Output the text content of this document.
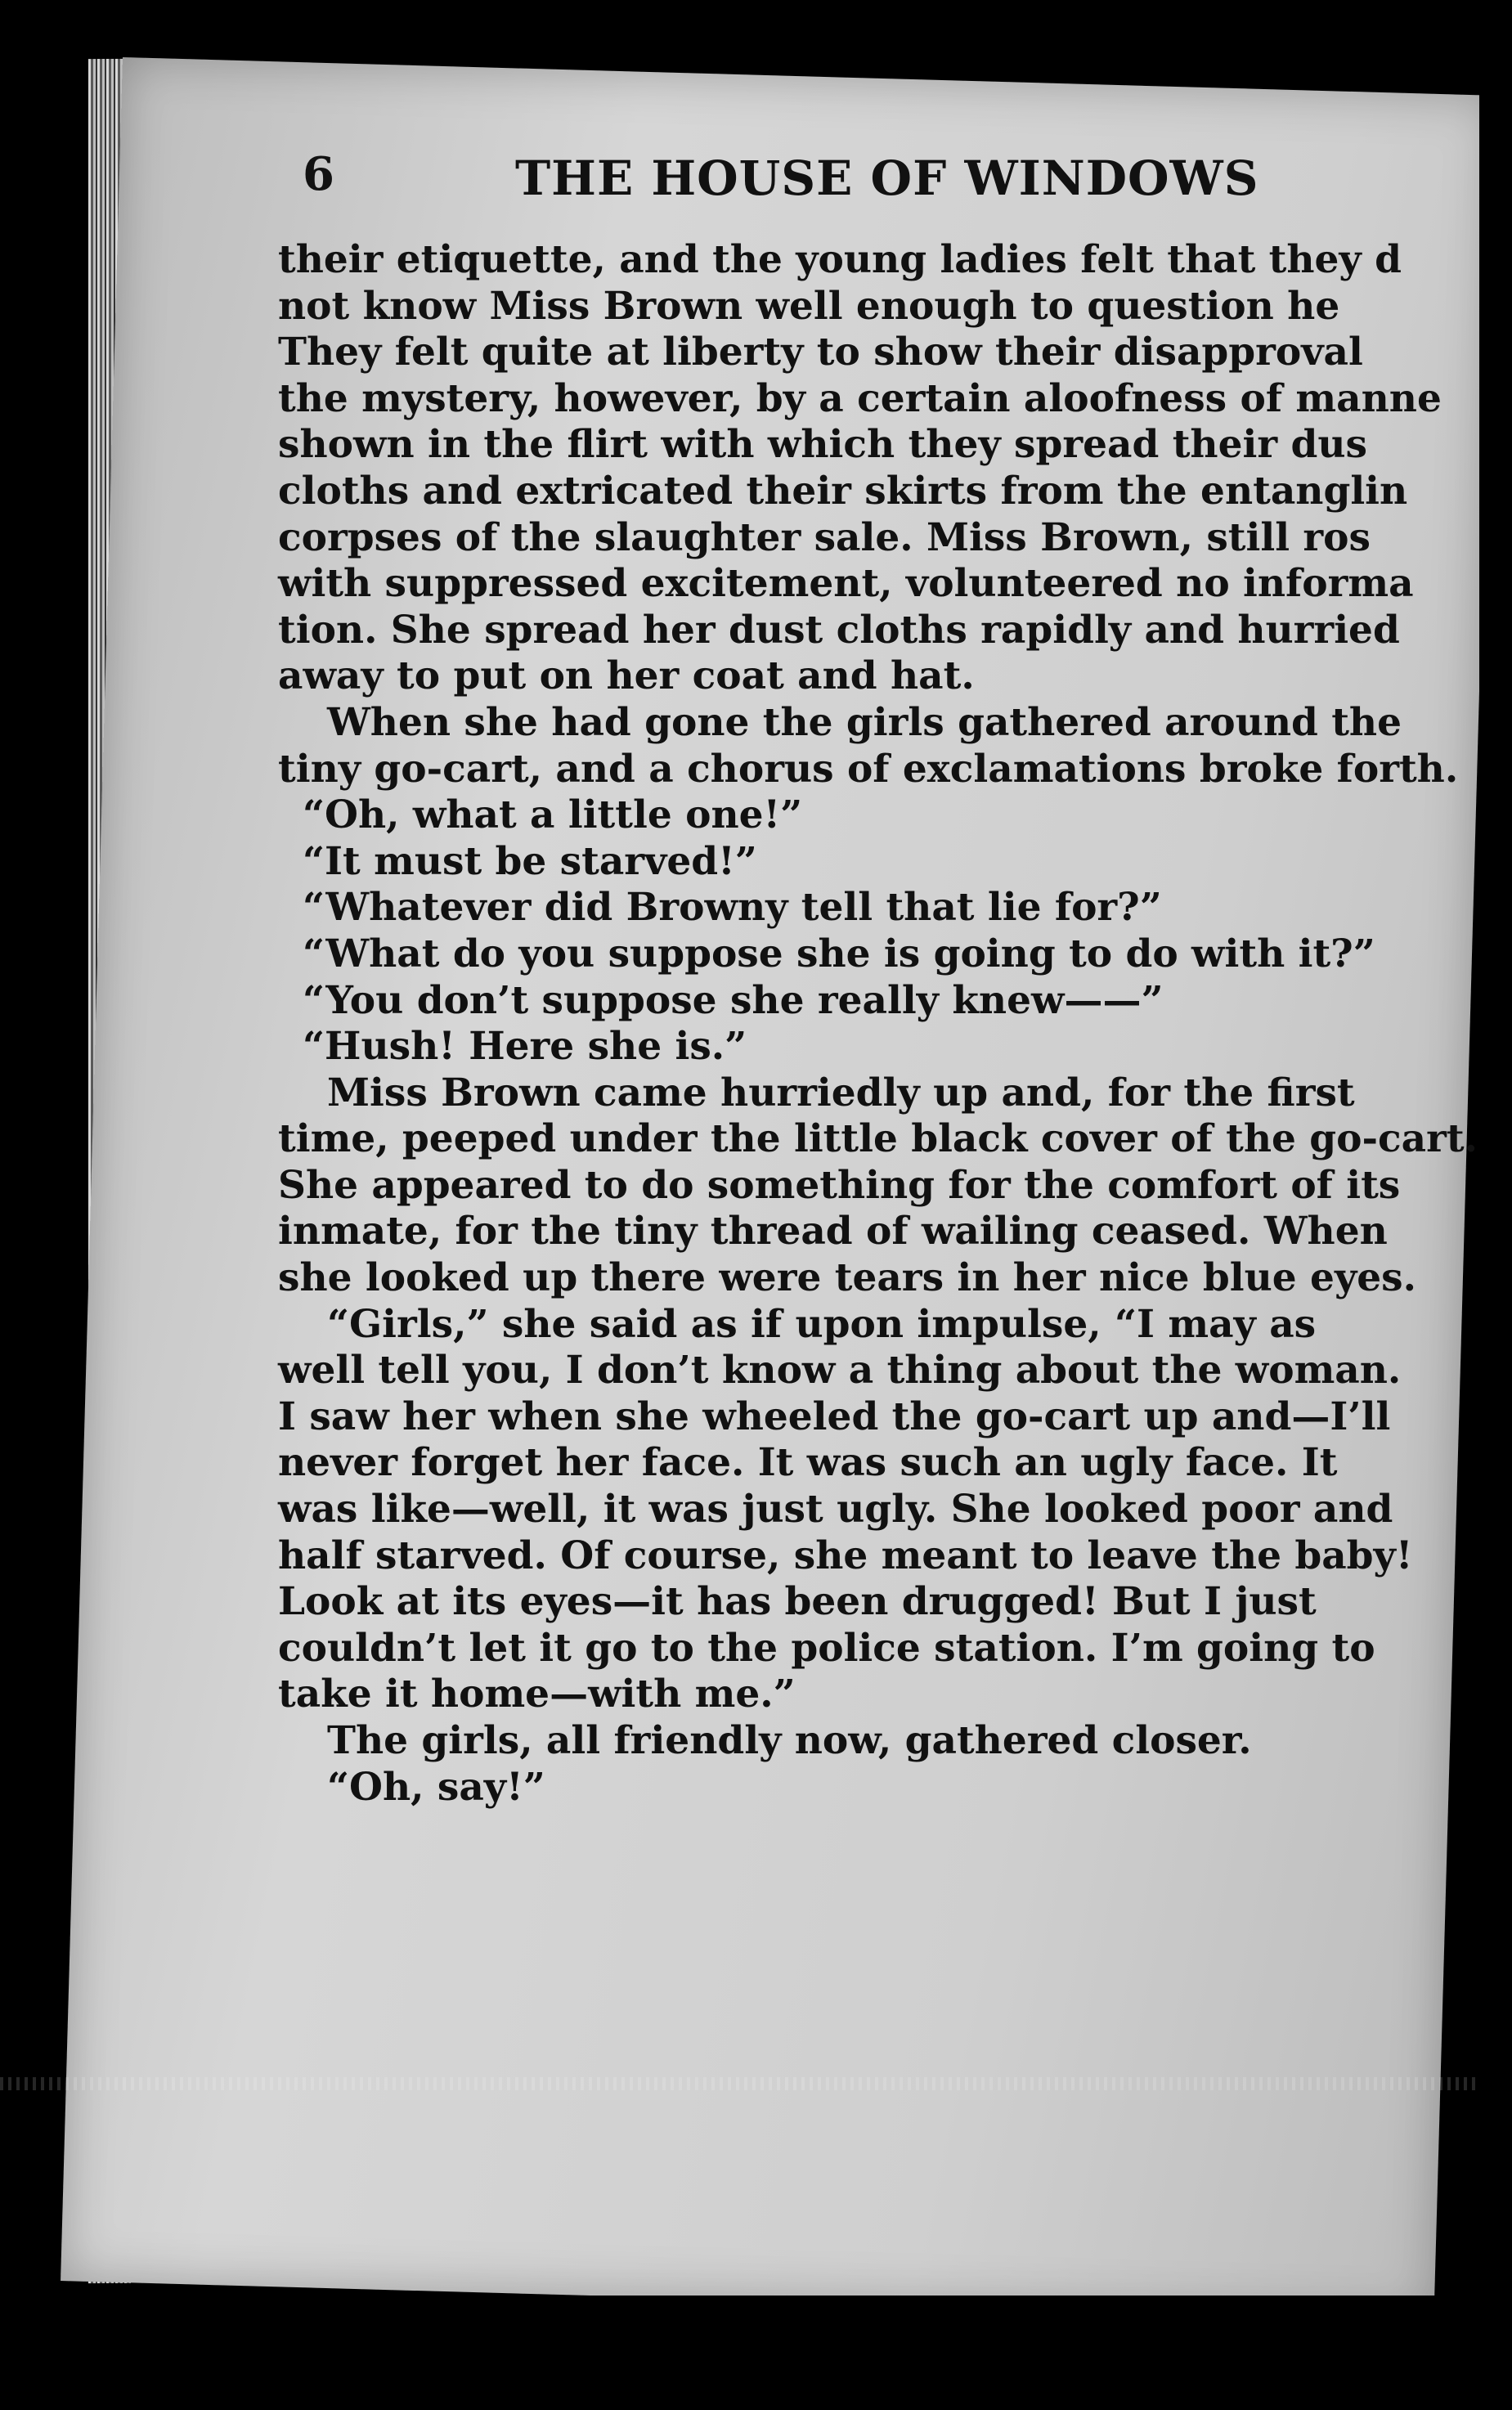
6	THE HOUSE OF WINDOWS
their etiquette, and the young ladies felt that they d
not know Miss Brown well enough to question he
They felt quite at liberty to show their disapproval
the mystery, however, by a certain aloofness of manne
shown in the flirt with which they spread their dus
cloths and extricated their skirts from the entanglin
corpses of the slaughter sale. Miss Brown, still ros
with suppressed excitement, volunteered no informa
tion. She spread her dust cloths rapidly and hurried
away to put on her coat and hat.
When she had gone the girls gathered around the
tiny go-cart, and a chorus of exclamations broke forth.
“Oh, what a little one!”
“It must be starved!”
“Whatever did Browny tell that lie for?”
“What do you suppose she is going to do with it?”
“You don’t suppose she really knew——”
“Hush! Here she is.”
Miss Brown came hurriedly up and, for the first
time, peeped under the little black cover of the go-cart.
She appeared to do something for the comfort of its
inmate, for the tiny thread of wailing ceased. When
she looked up there were tears in her nice blue eyes.
“Girls,” she said as if upon impulse, “I may as
well tell you, I don’t know a thing about the woman.
I saw her when she wheeled the go-cart up and—I’ll
never forget her face. It was such an ugly face. It
was like—well, it was just ugly. She looked poor and
half starved. Of course, she meant to leave the baby!
Look at its eyes—it has been drugged! But I just
couldn’t let it go to the police station. I’m going to
take it home—with me.”
The girls, all friendly now, gathered closer.
“Oh, say!”
